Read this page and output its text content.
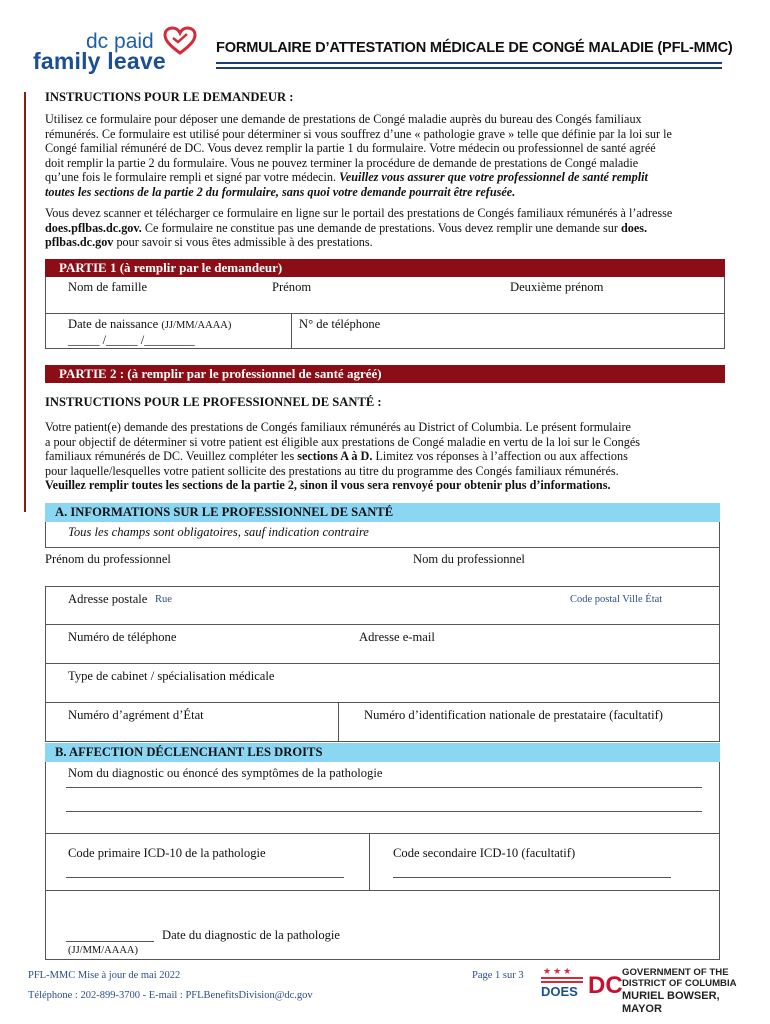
dc paid
family leave	FORMULAIRE D’ATTESTATION MÉDICALE DE CONGÉ MALADIE (PFL-MMC)
INSTRUCTIONS POUR LE DEMANDEUR :
Utilisez ce formulaire pour déposer une demande de prestations de Congé maladie auprès du bureau des Congés familiaux
rémunérés. Ce formulaire est utilisé pour déterminer si vous souffrez d’une « pathologie grave » telle que définie par la loi sur le
Congé familial rémunéré de DC. Vous devez remplir la partie 1 du formulaire. Votre médecin ou professionnel de santé agréé
doit remplir la partie 2 du formulaire. Vous ne pouvez terminer la procédure de demande de prestations de Congé maladie
qu’une fois le formulaire rempli et signé par votre médecin. Veuillez vous assurer que votre professionnel de santé remplit
toutes les sections de la partie 2 du formulaire, sans quoi votre demande pourrait être refusée.
Vous devez scanner et télécharger ce formulaire en ligne sur le portail des prestations de Congés familiaux rémunérés à l’adresse
does.pflbas.dc.gov. Ce formulaire ne constitue pas une demande de prestations. Vous devez remplir une demande sur does.
pflbas.dc.gov pour savoir si vous êtes admissible à des prestations.
PARTIE 1 (à remplir par le demandeur)
Nom de famille	Prénom	Deuxième prénom
Date de naissance (JJ/MM/AAAA)
_____ /_____ /________
N° de téléphone
PARTIE 2 : (à remplir par le professionnel de santé agréé)
INSTRUCTIONS POUR LE PROFESSIONNEL DE SANTÉ :
Votre patient(e) demande des prestations de Congés familiaux rémunérés au District of Columbia. Le présent formulaire
a pour objectif de déterminer si votre patient est éligible aux prestations de Congé maladie en vertu de la loi sur le Congés
familiaux rémunérés de DC. Veuillez compléter les sections A à D. Limitez vos réponses à l’affection ou aux affections
pour laquelle/lesquelles votre patient sollicite des prestations au titre du programme des Congés familiaux rémunérés.
Veuillez remplir toutes les sections de la partie 2, sinon il vous sera renvoyé pour obtenir plus d’informations.
A. INFORMATIONS SUR LE PROFESSIONNEL DE SANTÉ
Tous les champs sont obligatoires, sauf indication contraire
Prénom du professionnel	Nom du professionnel
Adresse postale Rue	Code postal Ville État
Numéro de téléphone	Adresse e-mail
Type de cabinet / spécialisation médicale
Numéro d’agrément d’État	Numéro d’identification nationale de prestataire (facultatif)
B. AFFECTION DÉCLENCHANT LES DROITS
Nom du diagnostic ou énoncé des symptômes de la pathologie
Code primaire ICD-10 de la pathologie	Code secondaire ICD-10 (facultatif)
Date du diagnostic de la pathologie
(JJ/MM/AAAA)
PFL-MMC Mise à jour de mai 2022	Page 1 sur 3
Téléphone : 202-899-3700 - E-mail : PFLBenefitsDivision@dc.gov
★★★
DOES DC GOVERNMENT OF THE
DISTRICT OF COLUMBIA
MURIEL BOWSER, MAYOR
